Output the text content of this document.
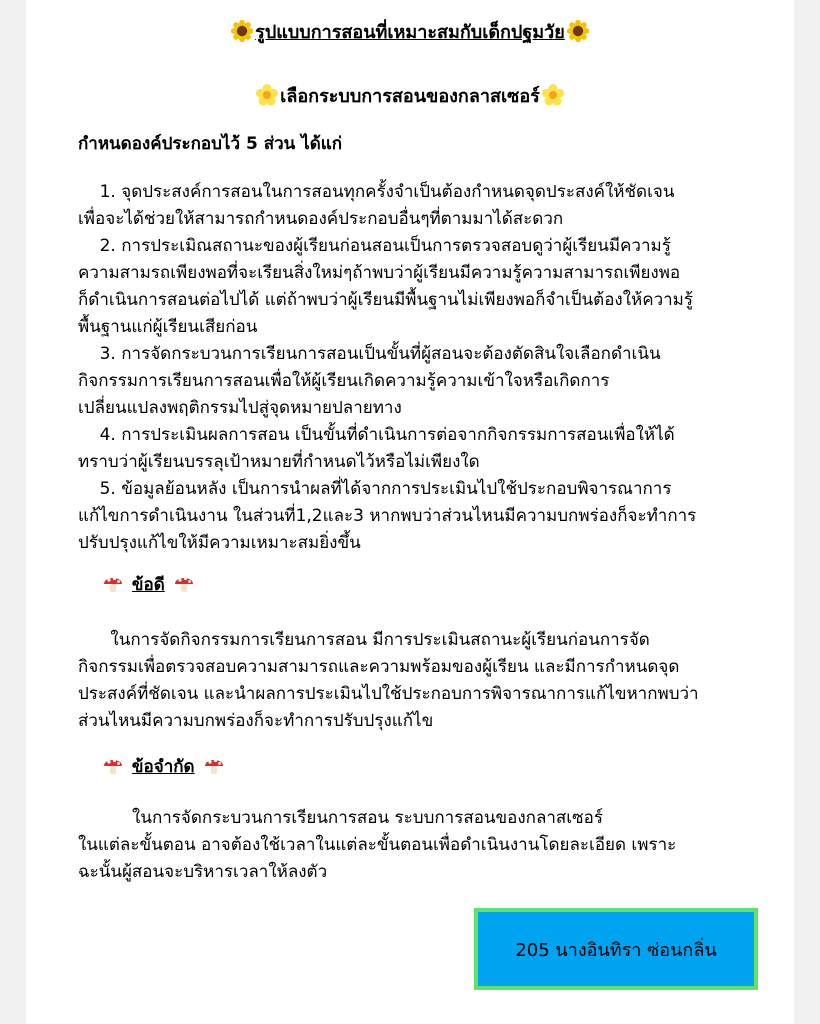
รูปแบบการสอนที่เหมาะสมกับเด็กปฐมวัย
เลือกระบบการสอนของกลาสเซอร์

กำหนดองค์ประกอบไว้ 5 ส่วน ได้แก่

1. จุดประสงค์การสอนในการสอนทุกครั้งจำเป็นต้องกำหนดจุดประสงค์ให้ชัดเจน

เพื่อจะได้ช่วยให้สามารถกำหนดองค์ประกอบอื่นๆที่ตามมาได้สะดวก

2. การประเมิณสถานะของผู้เรียนก่อนสอนเป็นการตรวจสอบดูว่าผู้เรียนมีความรู้

ความสามรถเพียงพอที่จะเรียนสิ่งใหม่ๆถ้าพบว่าผู้เรียนมีความรู้ความสามารถเพียงพอ

ก็ดำเนินการสอนต่อไปได้ แต่ถ้าพบว่าผู้เรียนมีพื้นฐานไม่เพียงพอก็จำเป็นต้องให้ความรู้

พื้นฐานแก่ผู้เรียนเสียก่อน

3. การจัดกระบวนการเรียนการสอนเป็นขั้นที่ผู้สอนจะต้องตัดสินใจเลือกดำเนิน

กิจกรรมการเรียนการสอนเพื่อให้ผู้เรียนเกิดความรู้ความเข้าใจหรือเกิดการ

เปลี่ยนแปลงพฤติกรรมไปสู่จุดหมายปลายทาง

4. การประเมินผลการสอน เป็นขั้นที่ดำเนินการต่อจากกิจกรรมการสอนเพื่อให้ได้

ทราบว่าผู้เรียนบรรลุเป้าหมายที่กำหนดไว้หรือไม่เพียงใด

5. ข้อมูลย้อนหลัง เป็นการนำผลที่ได้จากการประเมินไปใช้ประกอบพิจารณาการ

แก้ไขการดำเนินงาน ในส่วนที่1,2และ3 หากพบว่าส่วนไหนมีความบกพร่องก็จะทำการ

ปรับปรุงแก้ไขให้มีความเหมาะสมยิ่งขึ้น

ข้อดี

ในการจัดกิจกรรมการเรียนการสอน มีการประเมินสถานะผู้เรียนก่อนการจัด

กิจกรรมเพื่อตรวจสอบความสามารถและความพร้อมของผู้เรียน และมีการกำหนดจุด

ประสงค์ที่ชัดเจน และนำผลการประเมินไปใช้ประกอบการพิจารณาการแก้ไขหากพบว่า

ส่วนไหนมีความบกพร่องก็จะทำการปรับปรุงแก้ไข

ข้อจำกัด

ในการจัดกระบวนการเรียนการสอน ระบบการสอนของกลาสเซอร์

ในแต่ละขั้นตอน อาจต้องใช้เวลาในแต่ละขั้นตอนเพื่อดำเนินงานโดยละเอียด เพราะ

ฉะนั้นผู้สอนจะบริหารเวลาให้ลงตัว

205 นางอินทิรา ซ่อนกลิ่น
